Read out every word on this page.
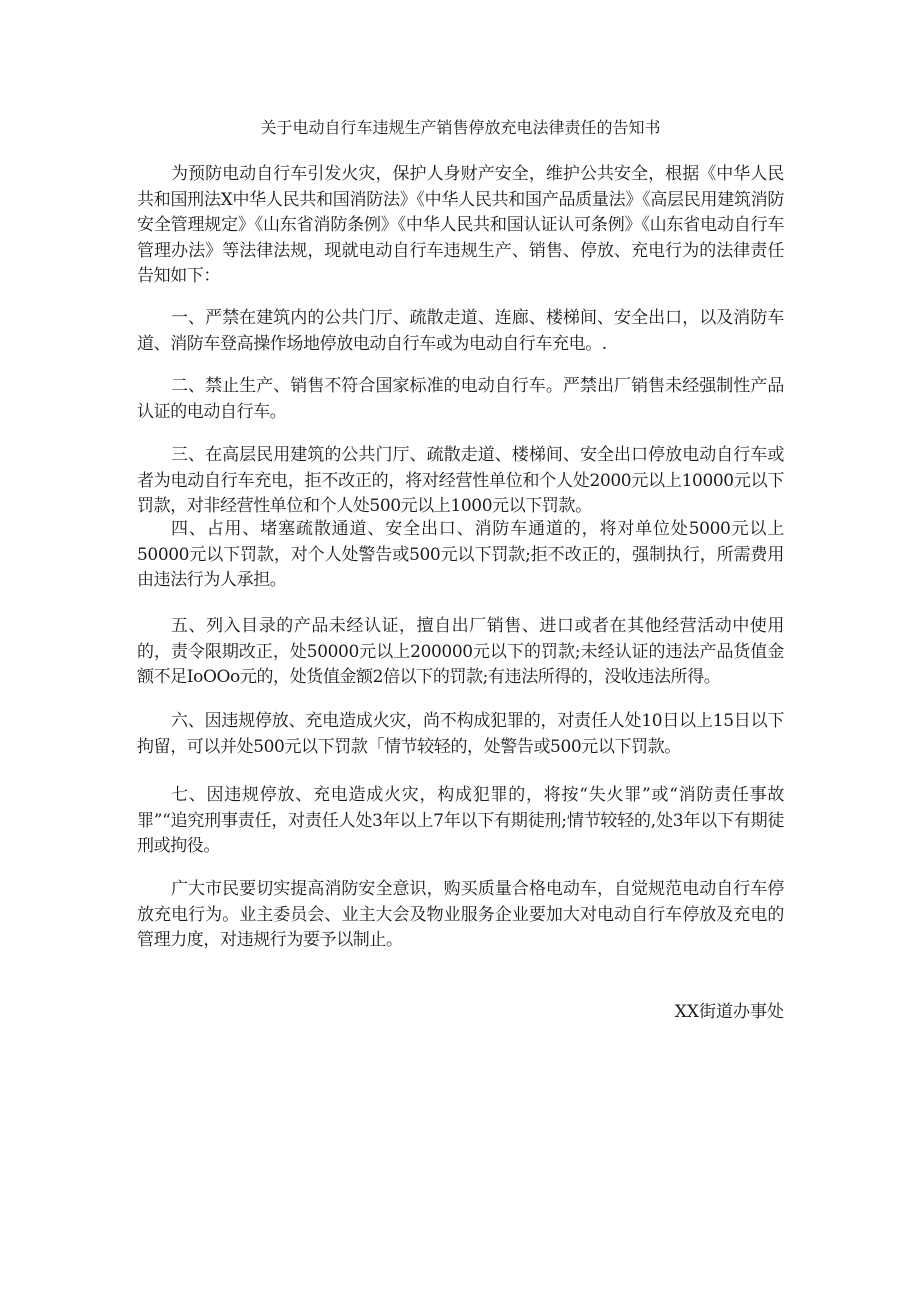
关于电动自行车违规生产销售停放充电法律责任的告知书

为预防电动自行车引发火灾，保护人身财产安全，维护公共安全，根据《中华人民共和国刑法X中华人民共和国消防法》《中华人民共和国产品质量法》《高层民用建筑消防安全管理规定》《山东省消防条例》《中华人民共和国认证认可条例》《山东省电动自行车管理办法》等法律法规，现就电动自行车违规生产、销售、停放、充电行为的法律责任告知如下：

一、严禁在建筑内的公共门厅、疏散走道、连廊、楼梯间、安全出口，以及消防车道、消防车登高操作场地停放电动自行车或为电动自行车充电。.

二、禁止生产、销售不符合国家标准的电动自行车。严禁出厂销售未经强制性产品认证的电动自行车。

三、在高层民用建筑的公共门厅、疏散走道、楼梯间、安全出口停放电动自行车或者为电动自行车充电，拒不改正的，将对经营性单位和个人处2000元以上10000元以下罚款，对非经营性单位和个人处500元以上1000元以下罚款。

四、占用、堵塞疏散通道、安全出口、消防车通道的，将对单位处5000元以上50000元以下罚款，对个人处警告或500元以下罚款;拒不改正的，强制执行，所需费用由违法行为人承担。

五、列入目录的产品未经认证，擅自出厂销售、进口或者在其他经营活动中使用的，责令限期改正，处50000元以上200000元以下的罚款;未经认证的违法产品货值金额不足IoOOo元的，处货值金额2倍以下的罚款;有违法所得的，没收违法所得。

六、因违规停放、充电造成火灾，尚不构成犯罪的，对责任人处10日以上15日以下拘留，可以并处500元以下罚款「情节较轻的，处警告或500元以下罚款。

七、因违规停放、充电造成火灾，构成犯罪的，将按“失火罪”或“消防责任事故罪”“追究刑事责任，对责任人处3年以上7年以下有期徒刑;情节较轻的,处3年以下有期徒刑或拘役。

广大市民要切实提高消防安全意识，购买质量合格电动车，自觉规范电动自行车停放充电行为。业主委员会、业主大会及物业服务企业要加大对电动自行车停放及充电的管理力度，对违规行为要予以制止。

XX街道办事处
